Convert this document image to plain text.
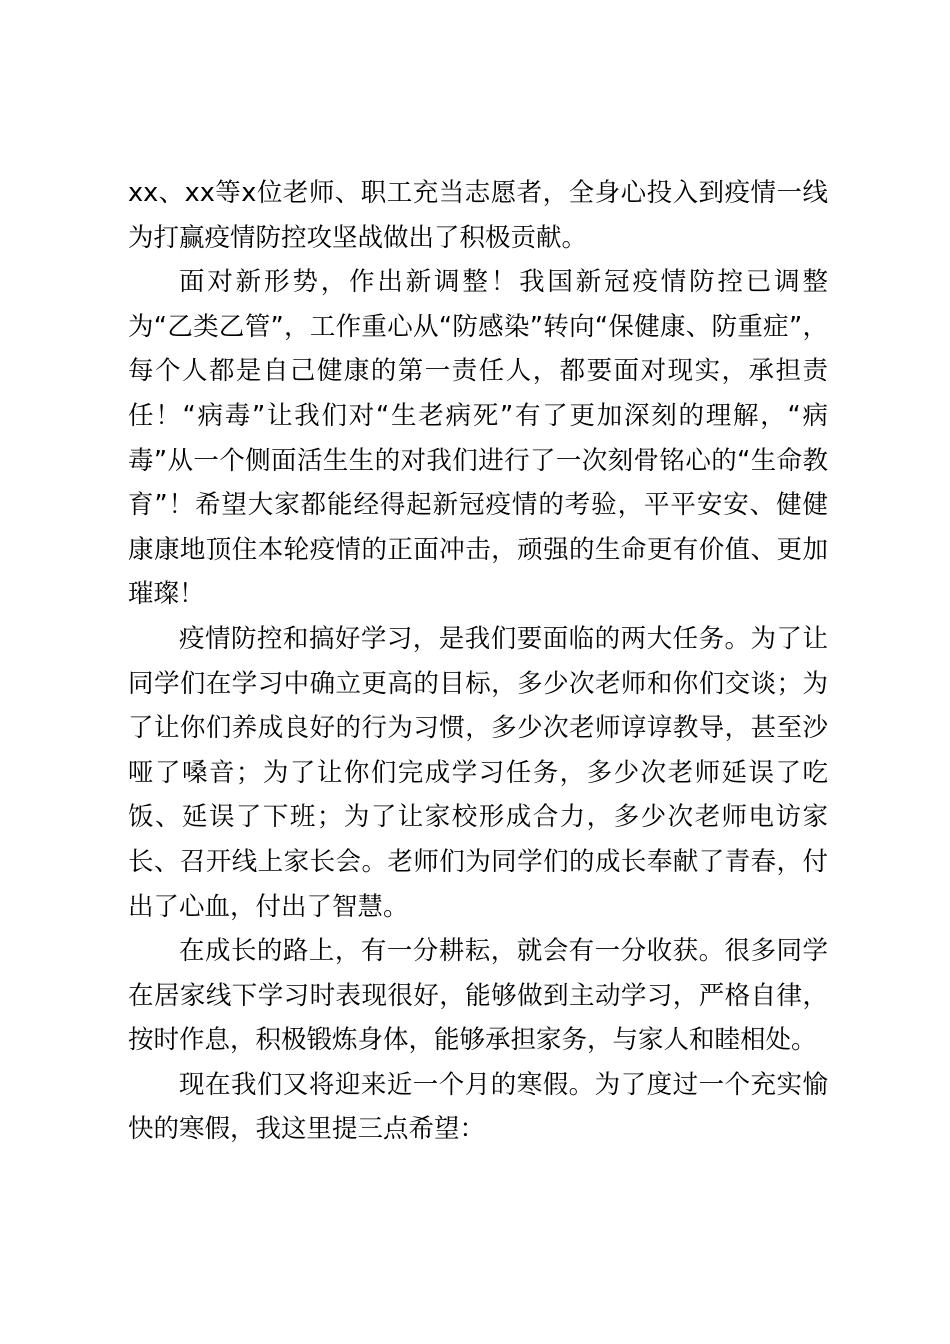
xx、xx等x位老师、职工充当志愿者，全身心投入到疫情一线为打赢疫情防控攻坚战做出了积极贡献。

面对新形势，作出新调整！我国新冠疫情防控已调整为“乙类乙管”，工作重心从“防感染”转向“保健康、防重症”，每个人都是自己健康的第一责任人，都要面对现实，承担责任！“病毒”让我们对“生老病死”有了更加深刻的理解，“病毒”从一个侧面活生生的对我们进行了一次刻骨铭心的“生命教育”！希望大家都能经得起新冠疫情的考验，平平安安、健健康康地顶住本轮疫情的正面冲击，顽强的生命更有价值、更加璀璨！

疫情防控和搞好学习，是我们要面临的两大任务。为了让同学们在学习中确立更高的目标，多少次老师和你们交谈；为了让你们养成良好的行为习惯，多少次老师谆谆教导，甚至沙哑了嗓音；为了让你们完成学习任务，多少次老师延误了吃饭、延误了下班；为了让家校形成合力，多少次老师电访家长、召开线上家长会。老师们为同学们的成长奉献了青春，付出了心血，付出了智慧。

在成长的路上，有一分耕耘，就会有一分收获。很多同学在居家线下学习时表现很好，能够做到主动学习，严格自律，按时作息，积极锻炼身体，能够承担家务，与家人和睦相处。

现在我们又将迎来近一个月的寒假。为了度过一个充实愉快的寒假，我这里提三点希望：
